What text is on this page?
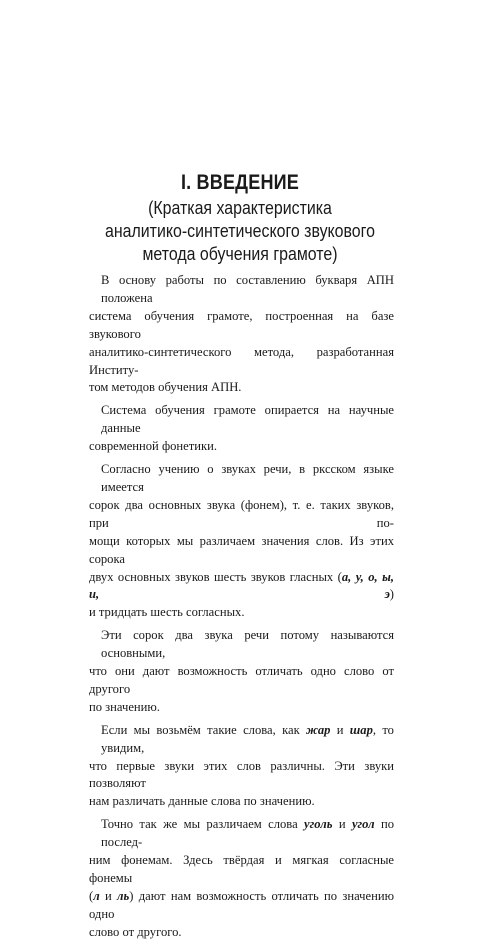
I. ВВЕДЕНИЕ
(Краткая характеристика
аналитико-синтетического звукового
метода обучения грамоте)

В основу работы по составлению букваря АПН положена
система обучения грамоте, построенная на базе звукового
аналитико-синтетического метода, разработанная Институ-
том методов обучения АПН.

Система обучения грамоте опирается на научные данные
современной фонетики.

Согласно учению о звуках речи, в рксском языке имеется
сорок два основных звука (фонем), т. е. таких звуков, при по-
мощи которых мы различаем значения слов. Из этих сорока
двух основных звуков шесть звуков гласных (а, у, о, ы, и, э)
и тридцать шесть согласных.

Эти сорок два звука речи потому называются основными,
что они дают возможность отличать одно слово от другого
по значению.

Если мы возьмём такие слова, как жар и шар, то увидим,
что первые звуки этих слов различны. Эти звуки позволяют
нам различать данные слова по значению.

Точно так же мы различаем слова уголь и угол по послед-
ним фонемам. Здесь твёрдая и мягкая согласные фонемы
(л и ль) дают нам возможность отличать по значению одно
слово от другого.
